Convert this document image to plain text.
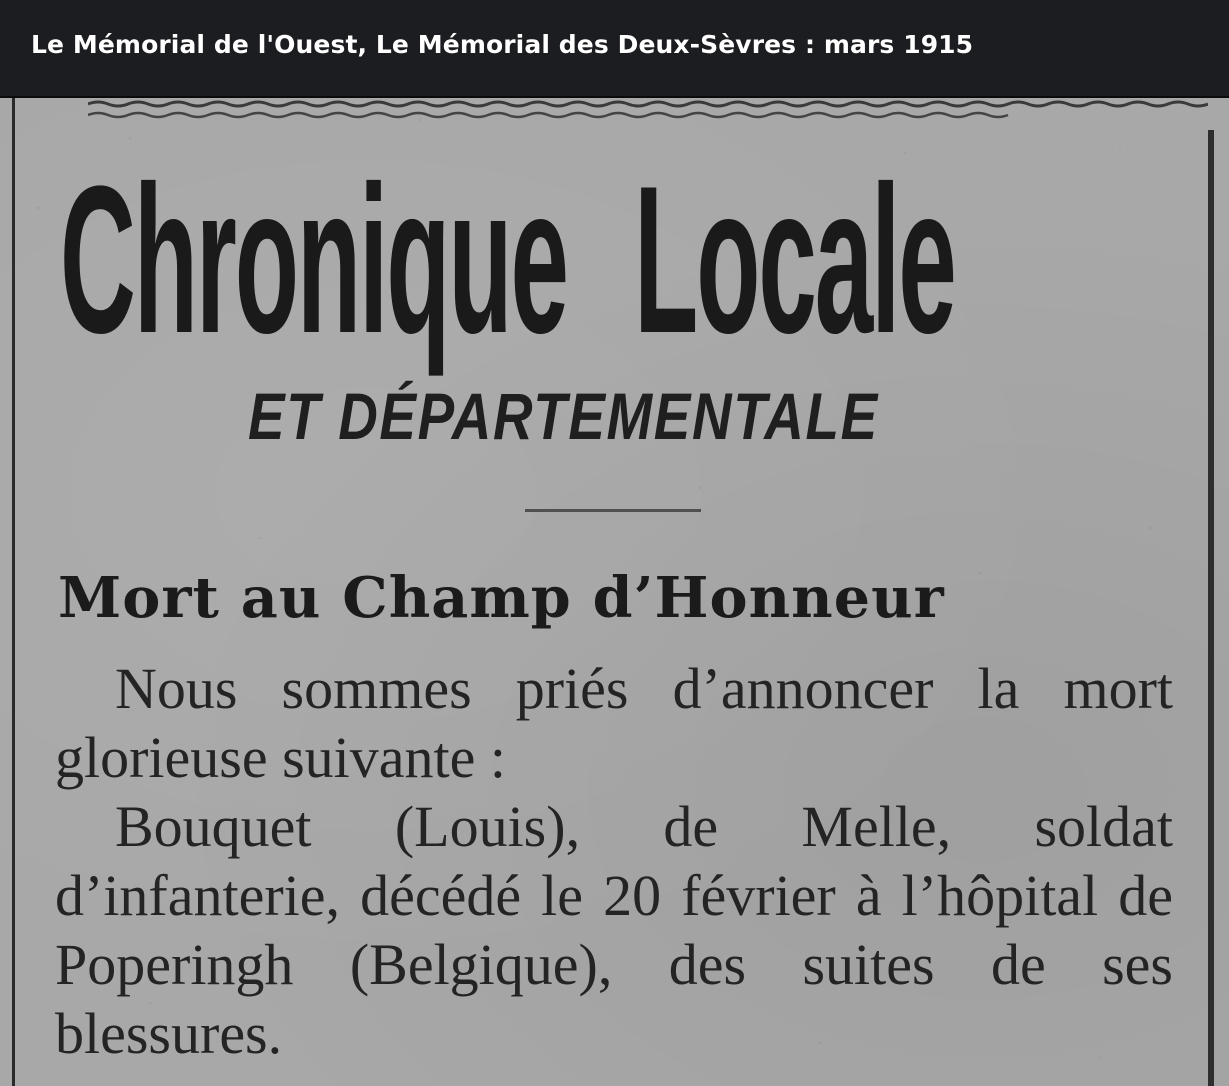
Le Mémorial de l'Ouest, Le Mémorial des Deux-Sèvres : mars 1915
Chronique Locale
ET DÉPARTEMENTALE
Mort au Champ d’Honneur

Nous sommes priés d’annoncer la mort glorieuse suivante :

Bouquet (Louis), de Melle, soldat d’infanterie, décédé le 20 février à l’hôpital de Poperingh (Belgique), des suites de ses blessures.
